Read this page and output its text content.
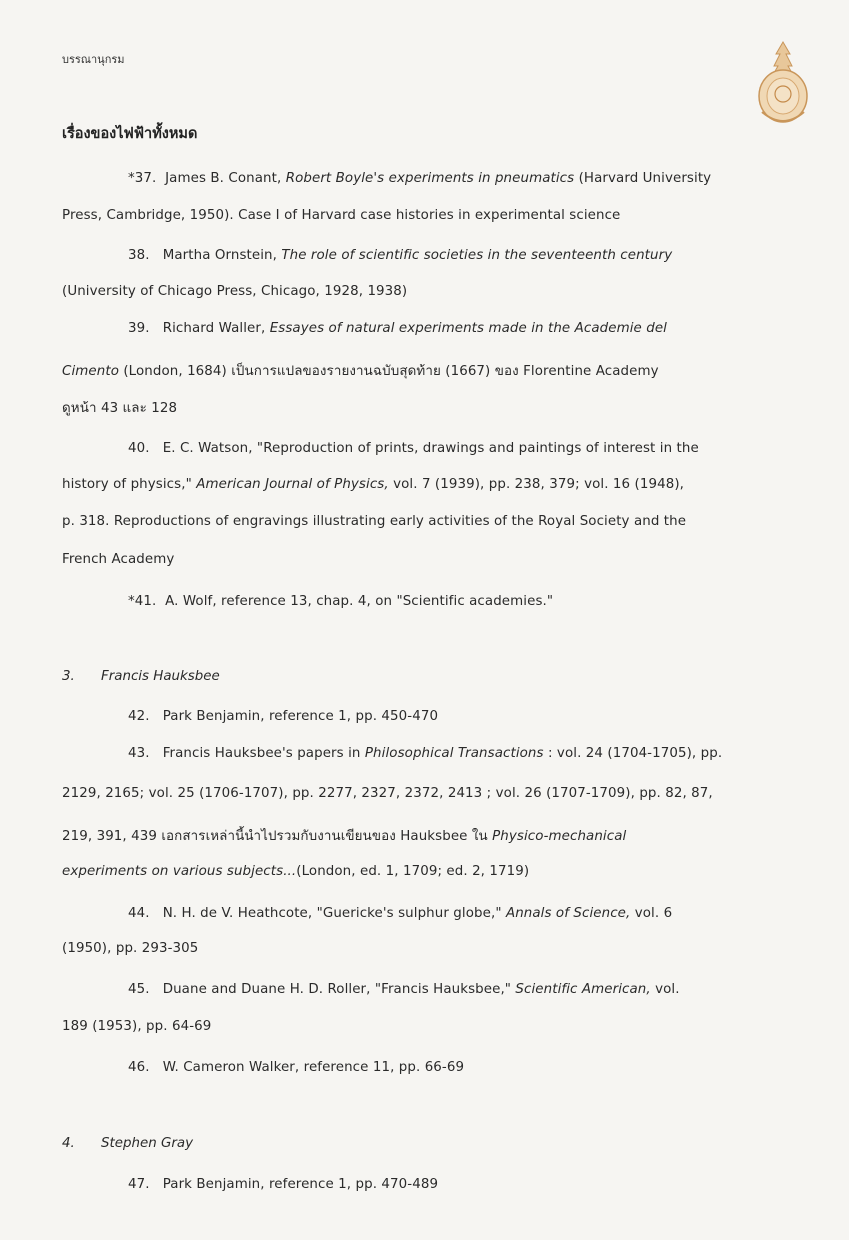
บรรณานุกรม
เรื่องของไฟฟ้าทั้งหมด
*37. James B. Conant, Robert Boyle's experiments in pneumatics (Harvard University
Press, Cambridge, 1950). Case I of Harvard case histories in experimental science
38. Martha Ornstein, The role of scientific societies in the seventeenth century
(University of Chicago Press, Chicago, 1928, 1938)
39. Richard Waller, Essayes of natural experiments made in the Academie del
Cimento (London, 1684) เป็นการแปลของรายงานฉบับสุดท้าย (1667) ของ Florentine Academy
ดูหน้า 43 และ 128
40. E. C. Watson, "Reproduction of prints, drawings and paintings of interest in the
history of physics," American Journal of Physics, vol. 7 (1939), pp. 238, 379; vol. 16 (1948),
p. 318. Reproductions of engravings illustrating early activities of the Royal Society and the
French Academy
*41. A. Wolf, reference 13, chap. 4, on "Scientific academies."
3. Francis Hauksbee
42. Park Benjamin, reference 1, pp. 450-470
43. Francis Hauksbee's papers in Philosophical Transactions : vol. 24 (1704-1705), pp.
2129, 2165; vol. 25 (1706-1707), pp. 2277, 2327, 2372, 2413 ; vol. 26 (1707-1709), pp. 82, 87,
219, 391, 439 เอกสารเหล่านี้นำไปรวมกับงานเขียนของ Hauksbee ใน Physico-mechanical
experiments on various subjects...(London, ed. 1, 1709; ed. 2, 1719)
44. N. H. de V. Heathcote, "Guericke's sulphur globe," Annals of Science, vol. 6
(1950), pp. 293-305
45. Duane and Duane H. D. Roller, "Francis Hauksbee," Scientific American, vol.
189 (1953), pp. 64-69
46. W. Cameron Walker, reference 11, pp. 66-69
4. Stephen Gray
47. Park Benjamin, reference 1, pp. 470-489
